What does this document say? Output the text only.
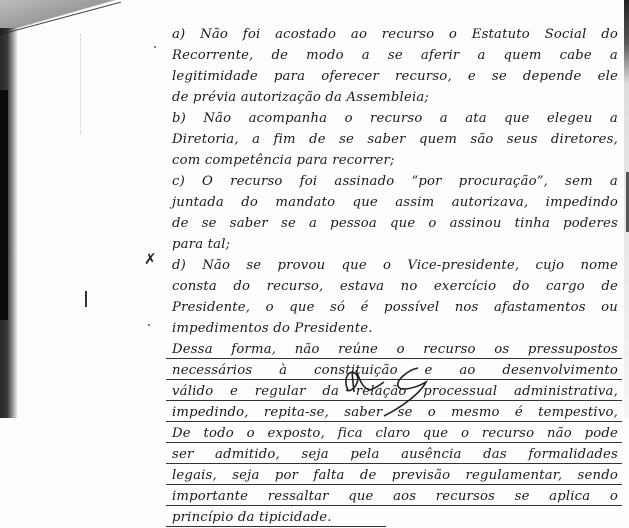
✗
a) Não foi acostado ao recurso o Estatuto Social do
Recorrente, de modo a se aferir a quem cabe a
legitimidade para oferecer recurso, e se depende ele
de prévia autorização da Assembleia;
b) Não acompanha o recurso a ata que elegeu a
Diretoria, a fim de se saber quem são seus diretores,
com competência para recorrer;
c) O recurso foi assinado “por procuração”, sem a
juntada do mandato que assim autorizava, impedindo
de se saber se a pessoa que o assinou tinha poderes
para tal;
d) Não se provou que o Vice-presidente, cujo nome
consta do recurso, estava no exercício do cargo de
Presidente, o que só é possível nos afastamentos ou
impedimentos do Presidente.
Dessa forma, não reúne o recurso os pressupostos
necessários à constituição e ao desenvolvimento
válido e regular da relação processual administrativa,
impedindo, repita-se, saber se o mesmo é tempestivo,
De todo o exposto, fica claro que o recurso não pode
ser admitido, seja pela ausência das formalidades
legais, seja por falta de previsão regulamentar, sendo
importante ressaltar que aos recursos se aplica o
princípio da tipicidade.
